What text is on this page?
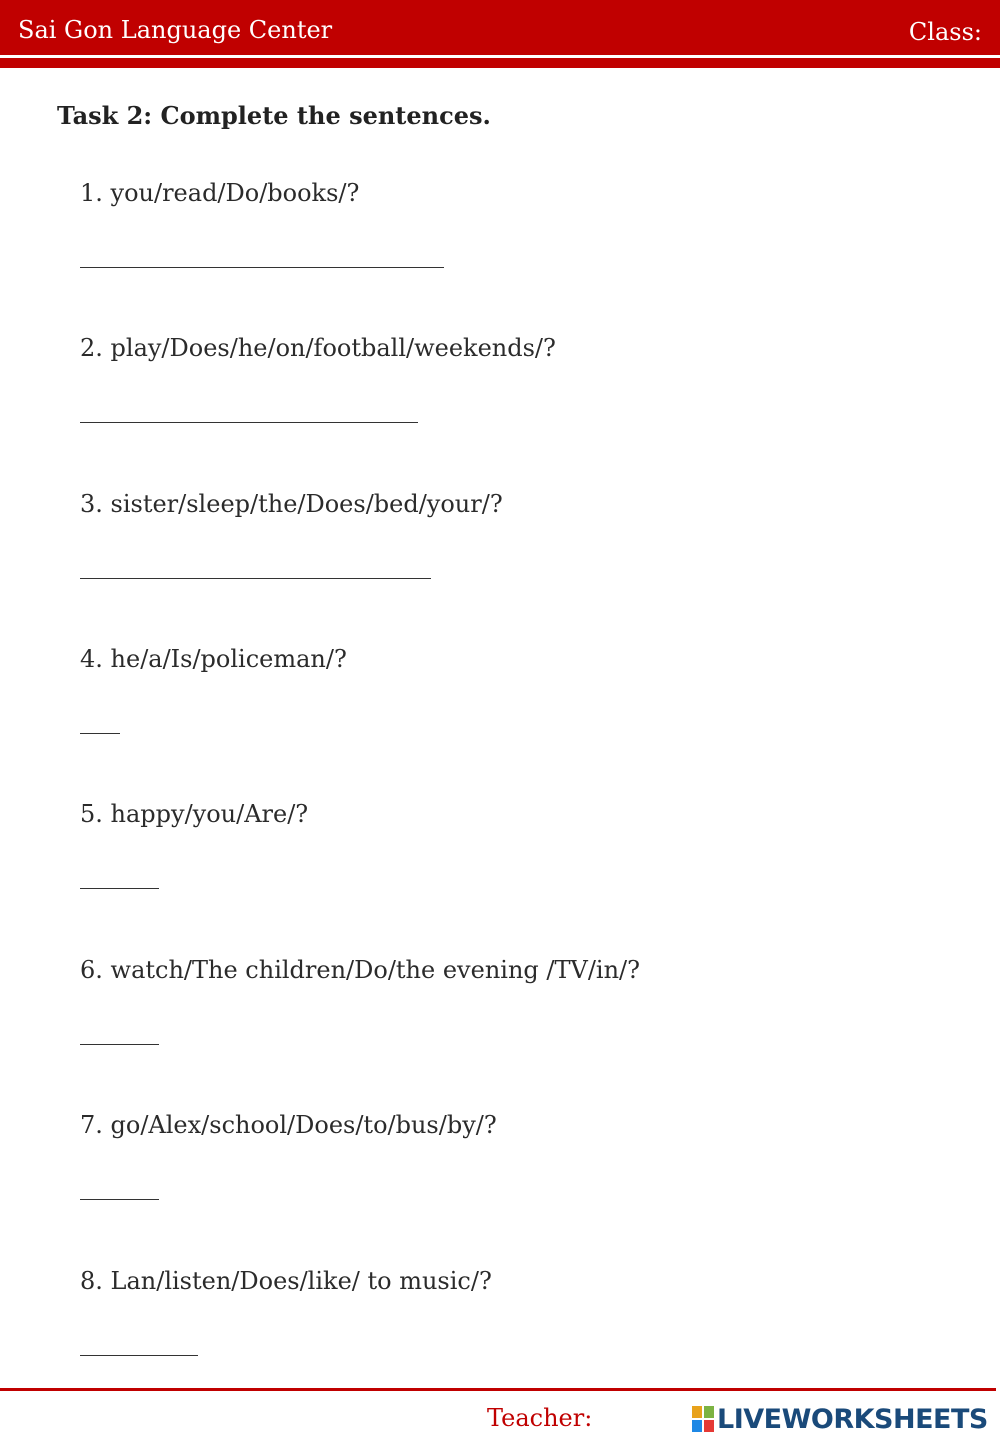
Sai Gon Language Center	Class:
Task 2: Complete the sentences.
1. you/read/Do/books/?
2. play/Does/he/on/football/weekends/?
3. sister/sleep/the/Does/bed/your/?
4. he/a/Is/policeman/?
5. happy/you/Are/?
6. watch/The children/Do/the evening /TV/in/?
7. go/Alex/school/Does/to/bus/by/?
8. Lan/listen/Does/like/ to music/?
Teacher:	LIVEWORKSHEETS
